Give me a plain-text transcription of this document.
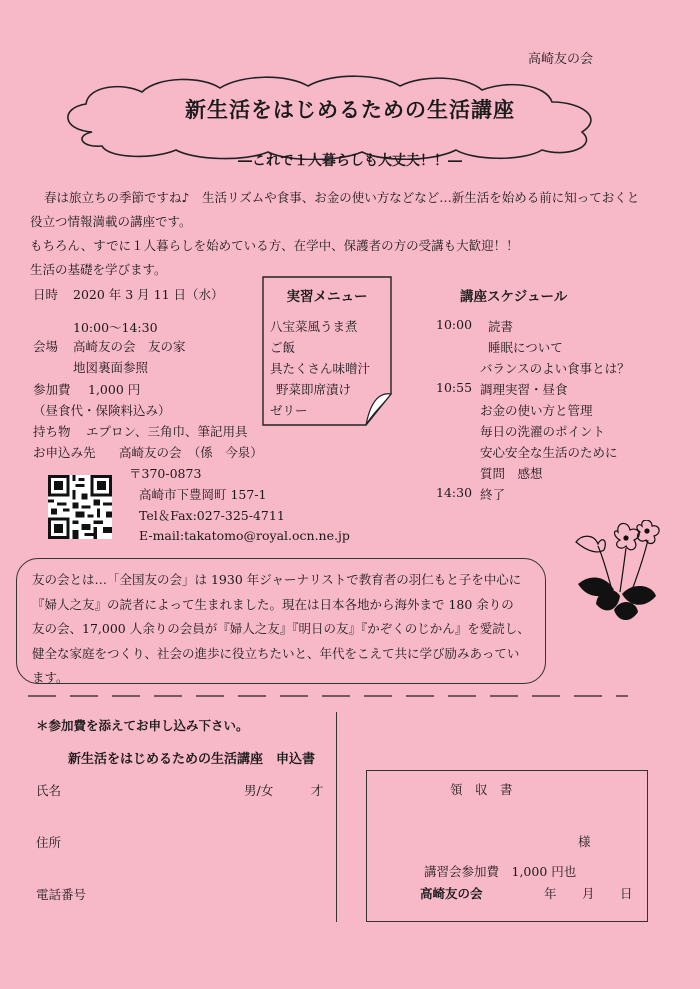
高崎友の会
新生活をはじめるための生活講座
―これで１人暮らしも大丈夫！！―

春は旅立ちの季節ですね♪　生活リズムや食事、お金の使い方などなど…新生活を始める前に知っておくと

役立つ情報満載の講座です。

もちろん、すでに１人暮らしを始めている方、在学中、保護者の方の受講も大歓迎！！

生活の基礎を学びます。

日時 2020 年 3 月 11 日（水）
10:00～14:30
会場 高崎友の会　友の家
地図裏面参照
参加費 1,000 円
（昼食代・保険料込み）
持ち物 エプロン、三角巾、筆記用具
お申込み先 高崎友の会　（係　今泉）
〒370-0873
高崎市下豊岡町 157-1
Tel＆Fax:027-325-4711
E-mail:takatomo@royal.ocn.ne.jp
実習メニュー
八宝菜風うま煮
ご飯
具たくさん味噌汁
野菜即席漬け
ゼリー
講座スケジュール
10:00 読書
睡眠について
バランスのよい食事とは？
10:55 調理実習・昼食
お金の使い方と管理
毎日の洗濯のポイント
安心安全な生活のために
質問　感想
14:30 終了
友の会とは…「全国友の会」は 1930 年ジャーナリストで教育者の羽仁もと子を中心に
『婦人之友』の読者によって生まれました。現在は日本各地から海外まで 180 余りの
友の会、17,000 人余りの会員が『婦人之友』『明日の友』『かぞくのじかん』を愛読し、
健全な家庭をつくり、社会の進歩に役立ちたいと、年代をこえて共に学び励みあってい
ます。
＊参加費を添えてお申し込み下さい。
新生活をはじめるための生活講座　申込書
氏名	男/女　　　才
住所
電話番号
領　収　書
様
講習会参加費　1,000 円也
高崎友の会	年 月 日
